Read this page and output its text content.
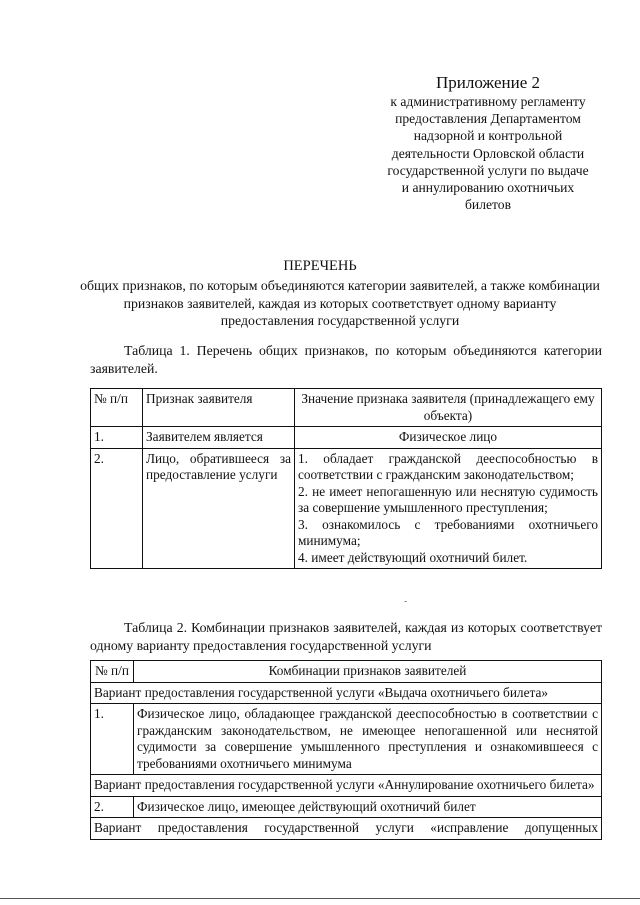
Приложение 2
к административному регламенту
предоставления Департаментом
надзорной и контрольной
деятельности Орловской области
государственной услуги по выдаче
и аннулированию охотничьих
билетов
ПЕРЕЧЕНЬ
общих признаков, по которым объединяются категории заявителей, а также комбинации признаков заявителей, каждая из которых соответствует одному варианту предоставления государственной услуги
Таблица 1. Перечень общих признаков, по которым объединяются категории заявителей.
№ п/п	Признак заявителя	Значение признака заявителя (принадлежащего ему объекта)
1.	Заявителем является	Физическое лицо
2.	Лицо, обратившееся за предоставление услуги	1. обладает гражданской дееспособностью в соответствии с гражданским законодательством;
2. не имеет непогашенную или неснятую судимость за совершение умышленного преступления;
3. ознакомилось с требованиями охотничьего минимума;
4. имеет действующий охотничий билет.
-
Таблица 2. Комбинации признаков заявителей, каждая из которых соответствует одному варианту предоставления государственной услуги
№ п/п	Комбинации признаков заявителей
Вариант предоставления государственной услуги «Выдача охотничьего билета»	
1.	Физическое лицо, обладающее гражданской дееспособностью в соответствии с гражданским законодательством, не имеющее непогашенной или неснятой судимости за совершение умышленного преступления и ознакомившееся с требованиями охотничьего минимума
Вариант предоставления государственной услуги «Аннулирование охотничьего билета»	
2.	Физическое лицо, имеющее действующий охотничий билет
Вариант предоставления государственной услуги «исправление допущенных	
